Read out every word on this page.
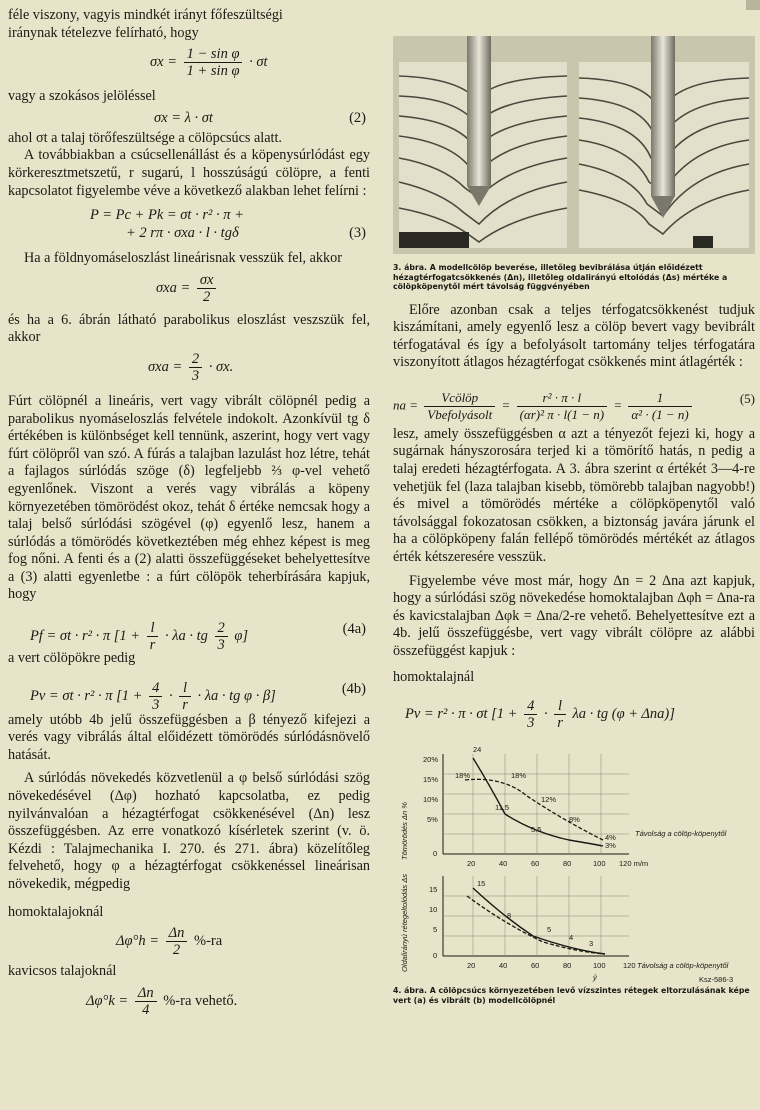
féle viszony, vagyis mindkét irányt főfeszültségi

iránynak tételezve felírható, hogy

$\sigma x = \frac{\text{1 − sin φ}}{\text{1 + sin φ}} \cdot \sigma t$

vagy a szokásos jelöléssel

σx = λ · σt	(2)

ahol σt a talaj törőfeszültsége a cölöpcsúcs alatt.

A továbbiakban a csúcsellenállást és a köpenysúrlódást egy körkeresztmetszetű, r sugarú, l hosszúságú cölöpre, a fenti kapcsolatot figyelembe véve a következő alakban lehet felírni :

P = Pc + Pk = σt · r² · π +
+ 2 rπ · σxa · l · tgδ	(3)

Ha a földnyomáseloszlást lineárisnak vesszük fel, akkor

$\sigma xa = \frac{\sigma x}{2}$

és ha a 6. ábrán látható parabolikus eloszlást veszszük fel, akkor

$\sigma xa = \frac{2}{3} \cdot \sigma x$.

Fúrt cölöpnél a lineáris, vert vagy vibrált cölöpnél pedig a parabolikus nyomáseloszlás felvétele indokolt. Azonkívül tg δ értékében is különbséget kell tennünk, aszerint, hogy vert vagy fúrt cölöpről van szó. A fúrás a talajban lazulást hoz létre, tehát a fajlagos súrlódás szöge (δ) legfeljebb ⅔ φ-vel vehető egyenlőnek. Viszont a verés vagy vibrálás a köpeny környezetében tömörödést okoz, tehát δ értéke nemcsak hogy a talaj belső súrlódási szögével (φ) egyenlő lesz, hanem a súrlódás a tömörödés következtében még ehhez képest is meg fog nőni. A fenti és a (2) alatti összefüggéseket behelyettesítve a (3) alatti egyenletbe : a fúrt cölöpök teherbírására kapjuk, hogy

Pf = σt · r² · π [$1 + \frac{l}{r} \cdot \lambda a$ · tg $\frac{2}{3} \varphi$]	(4a)

a vert cölöpökre pedig

Pv = σt · r² · π [$1 + \frac{4}{3} \cdot \frac{l}{r} \cdot \lambda a$ · tg φ · β]	(4b)

amely utóbb 4b jelű összefüggésben a β tényező kifejezi a verés vagy vibrálás által előidézett tömörödés súrlódásnövelő hatását.

A súrlódás növekedés közvetlenül a φ belső súrlódási szög növekedésével (Δφ) hozható kapcsolatba, ez pedig nyilvánvalóan a hézagtérfogat csökkenésével (Δn) lesz összefüggésben. Az erre vonatkozó kísérletek szerint (v. ö. Kézdi : Talajmechanika I. 270. és 271. ábra) közelítőleg felvehető, hogy φ a hézagtérfogat csökkenéssel lineárisan növekedik, mégpedig

homoktalajoknál

$\Delta\varphi^\circ h = \frac{\Delta n}{2} \%-ra$

kavicsos talajoknál

$\Delta\varphi^\circ k = \frac{\Delta n}{4} \%-ra$ vehető.

3. ábra. A modellcölöp beverése, illetőleg bevibrálása útján előidézett hézagtérfogatcsökkenés (Δn), illetőleg oldalirányú eltolódás (Δs) mértéke a cölöpköpenytől mért távolság függvényében

Előre azonban csak a teljes térfogatcsökkenést tudjuk kiszámítani, amely egyenlő lesz a cölöp bevert vagy bevibrált térfogatával és így a befolyásolt tartomány teljes térfogatára viszonyított átlagos hézagtérfogat csökkenés mint átlagérték :

na = $\frac{\text{Vcölöp}}{\text{Vbefolyásolt}} = \frac{\text{r² · π · l}}{\text{(αr)² π · l(1 − n)}} = \frac{1}{\text{α² · (1 − n)}}$	(5)

lesz, amely összefüggésben α azt a tényezőt fejezi ki, hogy a sugárnak hányszorosára terjed ki a tömörítő hatás, n pedig a talaj eredeti hézagtérfogata. A 3. ábra szerint α értékét 3—4-re vehetjük fel (laza talajban kisebb, tömörebb talajban nagyobb!) és mivel a tömörödés mértéke a cölöpköpenytől való távolsággal fokozatosan csökken, a biztonság javára járunk el ha a cölöpköpeny falán fellépő tömörödés mértékét az átlagos érték kétszeresére vesszük.

Figyelembe véve most már, hogy Δn = 2 Δna azt kapjuk, hogy a súrlódási szög növekedése homoktalajban Δφh = Δna-ra és kavicstalajban Δφk = Δna/2-re vehető. Behelyettesítve ezt a 4b. jelű összefüggésbe, vert vagy vibrált cölöpre az alábbi összefüggést kapjuk :

homoktalajnál

Pv = r² · π · σt [$1 + \frac{4}{3} \cdot \frac{l}{r}$ λa · tg (φ + Δna)]
20%
15%
10%
5%
0
20	40	60	80	100 120 m/m
Távolság a cölöp-köpenytől
24
18%	18%
11.5
12%
5.5
8%
4%
3%
15
10
5
0
20	40	60	80	100 120 Távolság a cölöp-köpenytől
15
8
5
4
3
ŷ	Ksz-586-3
Tömörödés Δn %
Oldalirányú rétegeltolódás Δs

4. ábra. A cölöpcsúcs környezetében levő vízszintes rétegek eltorzulásának képe vert (a) és vibrált (b) modellcölöpnél
